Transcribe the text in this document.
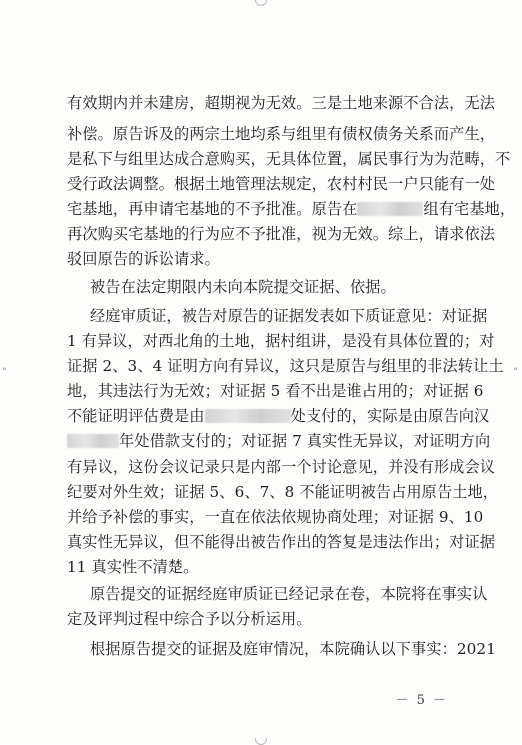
∘	∘
有效期内并未建房，超期视为无效。三是土地来源不合法，无法
补偿。原告诉及的两宗土地均系与组里有债权债务关系而产生，
是私下与组里达成合意购买，无具体位置，属民事行为为范畴，不
受行政法调整。根据土地管理法规定，农村村民一户只能有一处
宅基地，再申请宅基地的不予批准。原告在	组有宅基地，
再次购买宅基地的行为应不予批准，视为无效。综上，请求依法
驳回原告的诉讼请求。
被告在法定期限内未向本院提交证据、依据。
经庭审质证，被告对原告的证据发表如下质证意见：对证据
1 有异议，对西北角的土地，据村组讲，是没有具体位置的；对
证据 2、3、4 证明方向有异议，这只是原告与组里的非法转让土
地，其违法行为无效；对证据 5 看不出是谁占用的；对证据 6
不能证明评估费是由	处支付的，实际是由原告向汉
年处借款支付的；对证据 7 真实性无异议，对证明方向
有异议，这份会议记录只是内部一个讨论意见，并没有形成会议
纪要对外生效；证据 5、6、7、8 不能证明被告占用原告土地，
并给予补偿的事实，一直在依法依规协商处理；对证据 9、10
真实性无异议，但不能得出被告作出的答复是违法作出；对证据
11 真实性不清楚。
原告提交的证据经庭审质证已经记录在卷，本院将在事实认
定及评判过程中综合予以分析运用。
根据原告提交的证据及庭审情况，本院确认以下事实：2021
－ 5 －
